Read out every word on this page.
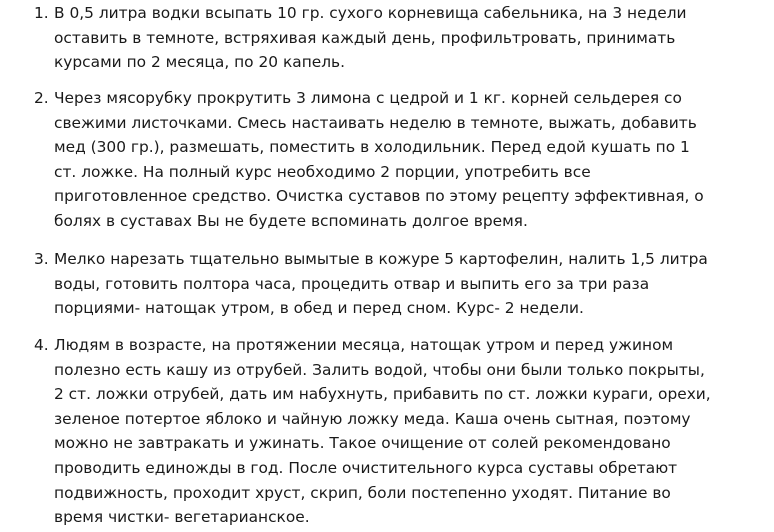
1. В 0,5 литра водки всыпать 10 гр. сухого корневища сабельника, на 3 недели
оставить в темноте, встряхивая каждый день, профильтровать, принимать
курсами по 2 месяца, по 20 капель.
2. Через мясорубку прокрутить 3 лимона с цедрой и 1 кг. корней сельдерея со
свежими листочками. Смесь настаивать неделю в темноте, выжать, добавить
мед (300 гр.), размешать, поместить в холодильник. Перед едой кушать по 1
ст. ложке. На полный курс необходимо 2 порции, употребить все
приготовленное средство. Очистка суставов по этому рецепту эффективная, о
болях в суставах Вы не будете вспоминать долгое время.
3. Мелко нарезать тщательно вымытые в кожуре 5 картофелин, налить 1,5 литра
воды, готовить полтора часа, процедить отвар и выпить его за три раза
порциями- натощак утром, в обед и перед сном. Курс- 2 недели.
4. Людям в возрасте, на протяжении месяца, натощак утром и перед ужином
полезно есть кашу из отрубей. Залить водой, чтобы они были только покрыты,
2 ст. ложки отрубей, дать им набухнуть, прибавить по ст. ложки кураги, орехи,
зеленое потертое яблоко и чайную ложку меда. Каша очень сытная, поэтому
можно не завтракать и ужинать. Такое очищение от солей рекомендовано
проводить единожды в год. После очистительного курса суставы обретают
подвижность, проходит хруст, скрип, боли постепенно уходят. Питание во
время чистки- вегетарианское.
